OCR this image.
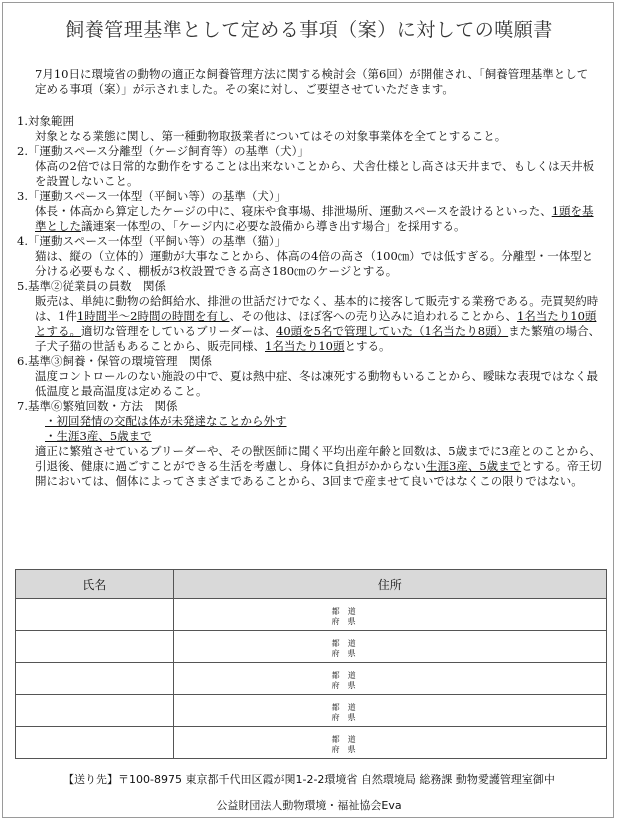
飼養管理基準として定める事項（案）に対しての嘆願書
7月10日に環境省の動物の適正な飼養管理方法に関する検討会（第6回）が開催され、「飼養管理基準として定める事項（案）」が示されました。その案に対し、ご要望させていただきます。

1.対象範囲

対象となる業態に関し、第一種動物取扱業者についてはその対象事業体を全てとすること。

2.「運動スペース分離型（ケージ飼育等）の基準（犬）」

体高の2倍では日常的な動作をすることは出来ないことから、犬舎仕様とし高さは天井まで、もしくは天井板を設置しないこと。

3.「運動スペース一体型（平飼い等）の基準（犬）」

体長・体高から算定したケージの中に、寝床や食事場、排泄場所、運動スペースを設けるといった、1頭を基準とした議連案一体型の、「ケージ内に必要な設備から導き出す場合」を採用する。

4.「運動スペース一体型（平飼い等）の基準（猫）」

猫は、縦の（立体的）運動が大事なことから、体高の4倍の高さ（100㎝）では低すぎる。分離型・一体型と分ける必要もなく、棚板が3枚設置できる高さ180㎝のケージとする。

5.基準②従業員の員数　関係

販売は、単純に動物の給餌給水、排泄の世話だけでなく、基本的に接客して販売する業務である。売買契約時は、1件1時間半～2時間の時間を有し、その他は、ほぼ客への売り込みに追われることから、1名当たり10頭とする。適切な管理をしているブリーダーは、40頭を5名で管理していた（1名当たり8頭）また繁殖の場合、子犬子猫の世話もあることから、販売同様、1名当たり10頭とする。

6.基準③飼養・保管の環境管理　関係

温度コントロールのない施設の中で、夏は熱中症、冬は凍死する動物もいることから、曖昧な表現ではなく最低温度と最高温度は定めること。

7.基準⑥繁殖回数・方法　関係

・初回発情の交配は体が未発達なことから外す

・生涯3産、5歳まで

適正に繁殖させているブリーダーや、その獣医師に聞く平均出産年齢と回数は、5歳までに3産とのことから、引退後、健康に過ごすことができる生活を考慮し、身体に負担がかからない生涯3産、5歳までとする。帝王切開においては、個体によってさまざまであることから、3回まで産ませて良いではなくこの限りではない。

氏名	住所

	都　道
府　県

	都　道
府　県

	都　道
府　県

	都　道
府　県

	都　道
府　県
【送り先】〒100-8975 東京都千代田区霞が関1-2-2環境省 自然環境局 総務課 動物愛護管理室御中
公益財団法人動物環境・福祉協会Eva
